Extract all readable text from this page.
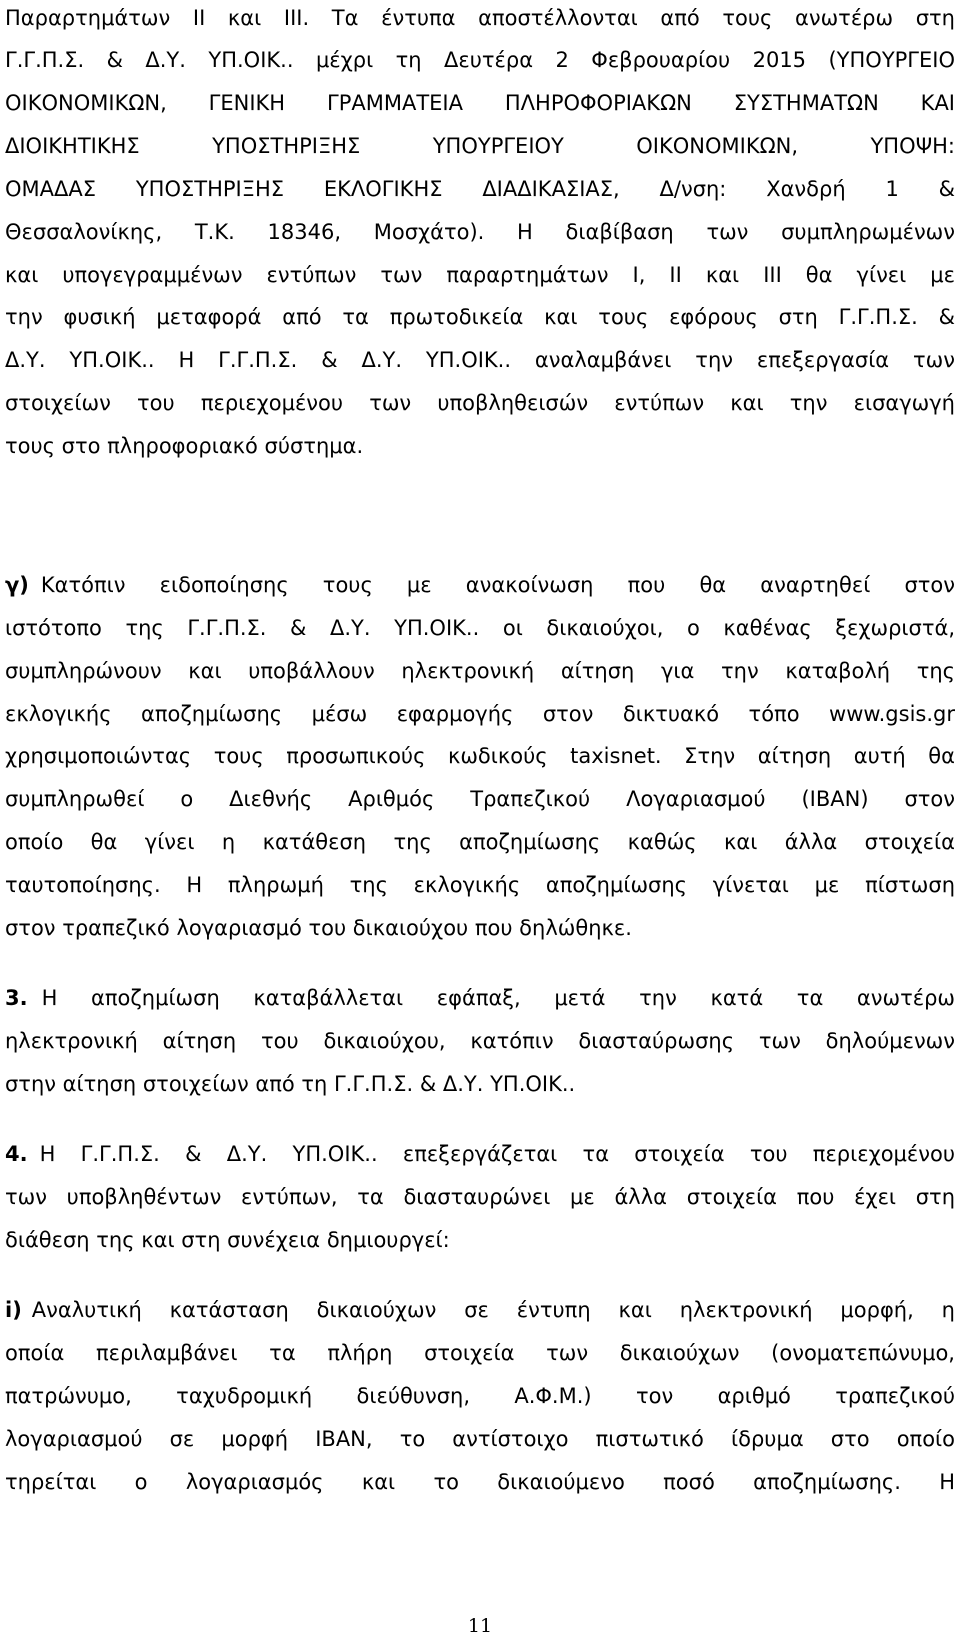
Παραρτημάτων II και III. Τα έντυπα αποστέλλονται από τους ανωτέρω στη
Γ.Γ.Π.Σ. & Δ.Υ. ΥΠ.ΟΙΚ.. μέχρι τη Δευτέρα 2 Φεβρουαρίου 2015 (ΥΠΟΥΡΓΕΙΟ
ΟΙΚΟΝΟΜΙΚΩΝ, ΓΕΝΙΚΗ ΓΡΑΜΜΑΤΕΙΑ ΠΛΗΡΟΦΟΡΙΑΚΩΝ ΣΥΣΤΗΜΑΤΩΝ ΚΑΙ
ΔΙΟΙΚΗΤΙΚΗΣ ΥΠΟΣΤΗΡΙΞΗΣ ΥΠΟΥΡΓΕΙΟΥ ΟΙΚΟΝΟΜΙΚΩΝ, ΥΠΟΨΗ:
ΟΜΑΔΑΣ ΥΠΟΣΤΗΡΙΞΗΣ ΕΚΛΟΓΙΚΗΣ ΔΙΑΔΙΚΑΣΙΑΣ, Δ/νση: Χανδρή 1 &
Θεσσαλονίκης, Τ.Κ. 18346, Μοσχάτο). Η διαβίβαση των συμπληρωμένων
και υπογεγραμμένων εντύπων των παραρτημάτων I, II και III θα γίνει με
την φυσική μεταφορά από τα πρωτοδικεία και τους εφόρους στη Γ.Γ.Π.Σ. &
Δ.Υ. ΥΠ.ΟΙΚ.. Η Γ.Γ.Π.Σ. & Δ.Υ. ΥΠ.ΟΙΚ.. αναλαμβάνει την επεξεργασία των
στοιχείων του περιεχομένου των υποβληθεισών εντύπων και την εισαγωγή
τους στο πληροφοριακό σύστημα.
γ) Κατόπιν ειδοποίησης τους με ανακοίνωση που θα αναρτηθεί στον
ιστότοπο της Γ.Γ.Π.Σ. & Δ.Υ. ΥΠ.ΟΙΚ.. οι δικαιούχοι, ο καθένας ξεχωριστά,
συμπληρώνουν και υποβάλλουν ηλεκτρονική αίτηση για την καταβολή της
εκλογικής αποζημίωσης μέσω εφαρμογής στον δικτυακό τόπο www.gsis.gr
χρησιμοποιώντας τους προσωπικούς κωδικούς taxisnet. Στην αίτηση αυτή θα
συμπληρωθεί ο Διεθνής Αριθμός Τραπεζικού Λογαριασμού (IBAN) στον
οποίο θα γίνει η κατάθεση της αποζημίωσης καθώς και άλλα στοιχεία
ταυτοποίησης. Η πληρωμή της εκλογικής αποζημίωσης γίνεται με πίστωση
στον τραπεζικό λογαριασμό του δικαιούχου που δηλώθηκε.
3. Η αποζημίωση καταβάλλεται εφάπαξ, μετά την κατά τα ανωτέρω
ηλεκτρονική αίτηση του δικαιούχου, κατόπιν διασταύρωσης των δηλούμενων
στην αίτηση στοιχείων από τη Γ.Γ.Π.Σ. & Δ.Υ. ΥΠ.ΟΙΚ..
4. Η Γ.Γ.Π.Σ. & Δ.Υ. ΥΠ.ΟΙΚ.. επεξεργάζεται τα στοιχεία του περιεχομένου
των υποβληθέντων εντύπων, τα διασταυρώνει με άλλα στοιχεία που έχει στη
διάθεση της και στη συνέχεια δημιουργεί:
i) Αναλυτική κατάσταση δικαιούχων σε έντυπη και ηλεκτρονική μορφή, η
οποία περιλαμβάνει τα πλήρη στοιχεία των δικαιούχων (ονοματεπώνυμο,
πατρώνυμο, ταχυδρομική διεύθυνση, Α.Φ.Μ.) τον αριθμό τραπεζικού
λογαριασμού σε μορφή IBAN, το αντίστοιχο πιστωτικό ίδρυμα στο οποίο
τηρείται ο λογαριασμός και το δικαιούμενο ποσό αποζημίωσης. Η
11
